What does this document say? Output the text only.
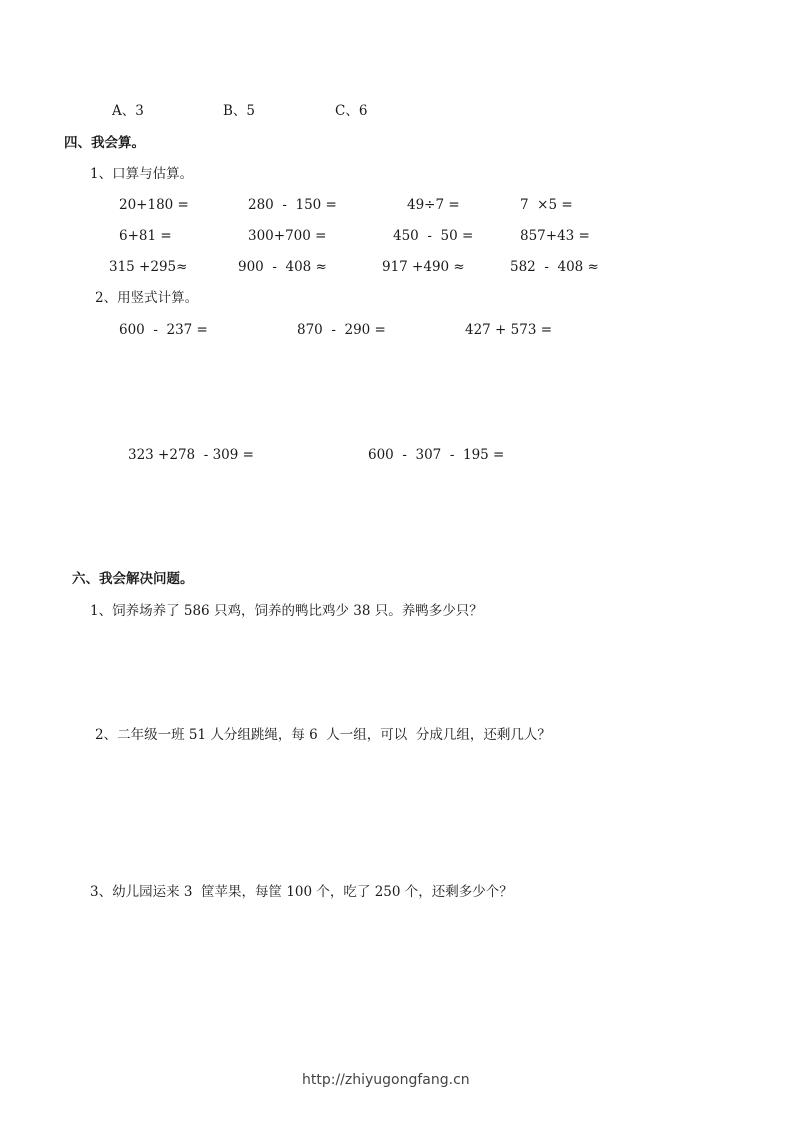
A、3	B、5	C、6
四、我会算。
1、口算与估算。
20+180 =	280  -  150 =	49÷7 =	7  ×5 =
6+81 =	300+700 =	450  -  50 =	857+43 =
315 +295≈	900  -  408 ≈	917 +490 ≈	582  -  408 ≈
2、用竖式计算。
600  -  237 =	870  -  290 =	427 + 573 =
323 +278  - 309 =	600  -  307  -  195 =
六、我会解决问题。
1、饲养场养了 586 只鸡，饲养的鸭比鸡少 38 只。养鸭多少只？
2、二年级一班 51 人分组跳绳，每 6  人一组，可以  分成几组，还剩几人？
3、幼儿园运来 3  筐苹果，每筐 100 个，吃了 250 个，还剩多少个？
http://zhiyugongfang.cn
